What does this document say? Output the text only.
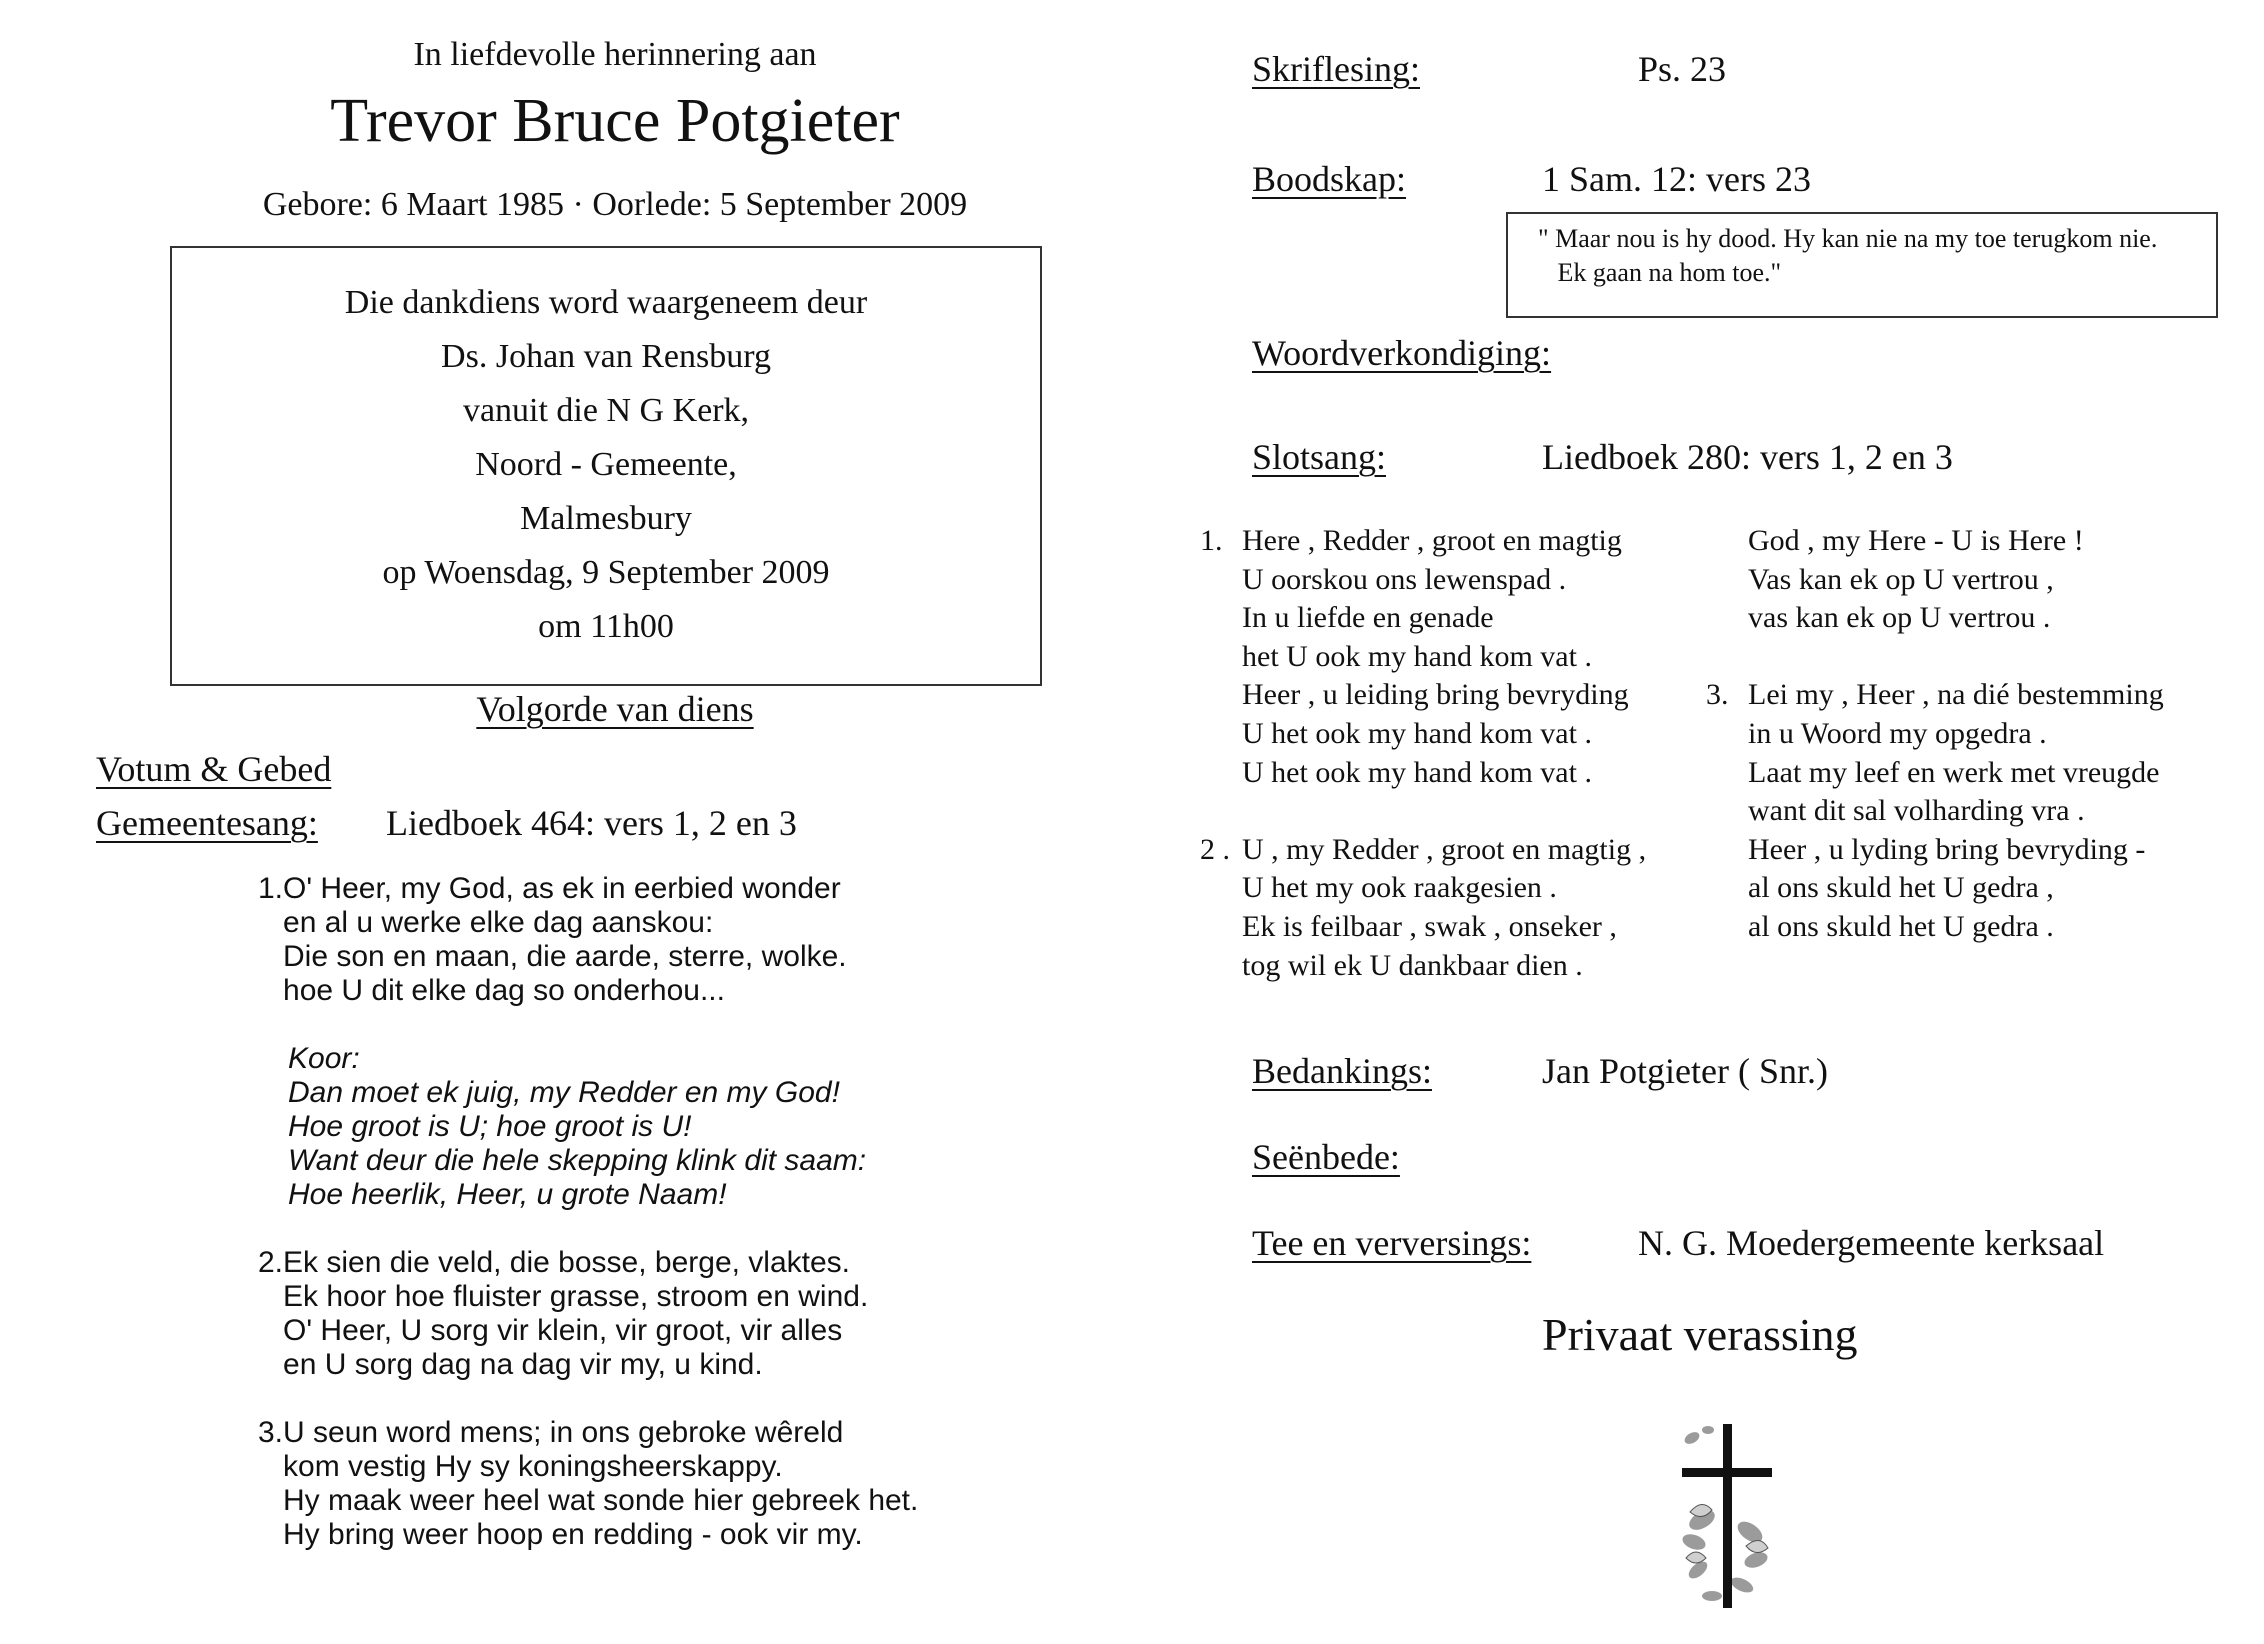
In liefdevolle herinnering aan
Trevor Bruce Potgieter
Gebore: 6 Maart 1985 · Oorlede: 5 September 2009
Die dankdiens word waargeneem deur
Ds. Johan van Rensburg
vanuit die N G Kerk,
Noord - Gemeente,
Malmesbury
op Woensdag, 9 September 2009
om 11h00
Volgorde van diens
Votum & Gebed
Gemeentesang: Liedboek 464: vers 1, 2 en 3
1.O' Heer, my God, as ek in eerbied wonder
en al u werke elke dag aanskou:
Die son en maan, die aarde, sterre, wolke.
hoe U dit elke dag so onderhou...
Koor:
Dan moet ek juig, my Redder en my God!
Hoe groot is U; hoe groot is U!
Want deur die hele skepping klink dit saam:
Hoe heerlik, Heer, u grote Naam!
2.Ek sien die veld, die bosse, berge, vlaktes.
Ek hoor hoe fluister grasse, stroom en wind.
O' Heer, U sorg vir klein, vir groot, vir alles
en U sorg dag na dag vir my, u kind.
3.U seun word mens; in ons gebroke wêreld
kom vestig Hy sy koningsheerskappy.
Hy maak weer heel wat sonde hier gebreek het.
Hy bring weer hoop en redding - ook vir my.
Skriflesing:	Ps. 23
Boodskap:	1 Sam. 12: vers 23
" Maar nou is hy dood. Hy kan nie na my toe terugkom nie.
Ek gaan na hom toe."
Woordverkondiging:
Slotsang:	Liedboek 280: vers 1, 2 en 3
1. Here , Redder , groot en magtig
U oorskou ons lewenspad .
In u liefde en genade
het U ook my hand kom vat .
Heer , u leiding bring bevryding
U het ook my hand kom vat .
U het ook my hand kom vat .
2 . U , my Redder , groot en magtig ,
U het my ook raakgesien .
Ek is feilbaar , swak , onseker ,
tog wil ek U dankbaar dien .
God , my Here - U is Here !
Vas kan ek op U vertrou ,
vas kan ek op U vertrou .
3. Lei my , Heer , na dié bestemming
in u Woord my opgedra .
Laat my leef en werk met vreugde
want dit sal volharding vra .
Heer , u lyding bring bevryding -
al ons skuld het U gedra ,
al ons skuld het U gedra .
Bedankings:	Jan Potgieter ( Snr.)
Seënbede:
Tee en verversings:	N. G. Moedergemeente kerksaal
Privaat verassing
